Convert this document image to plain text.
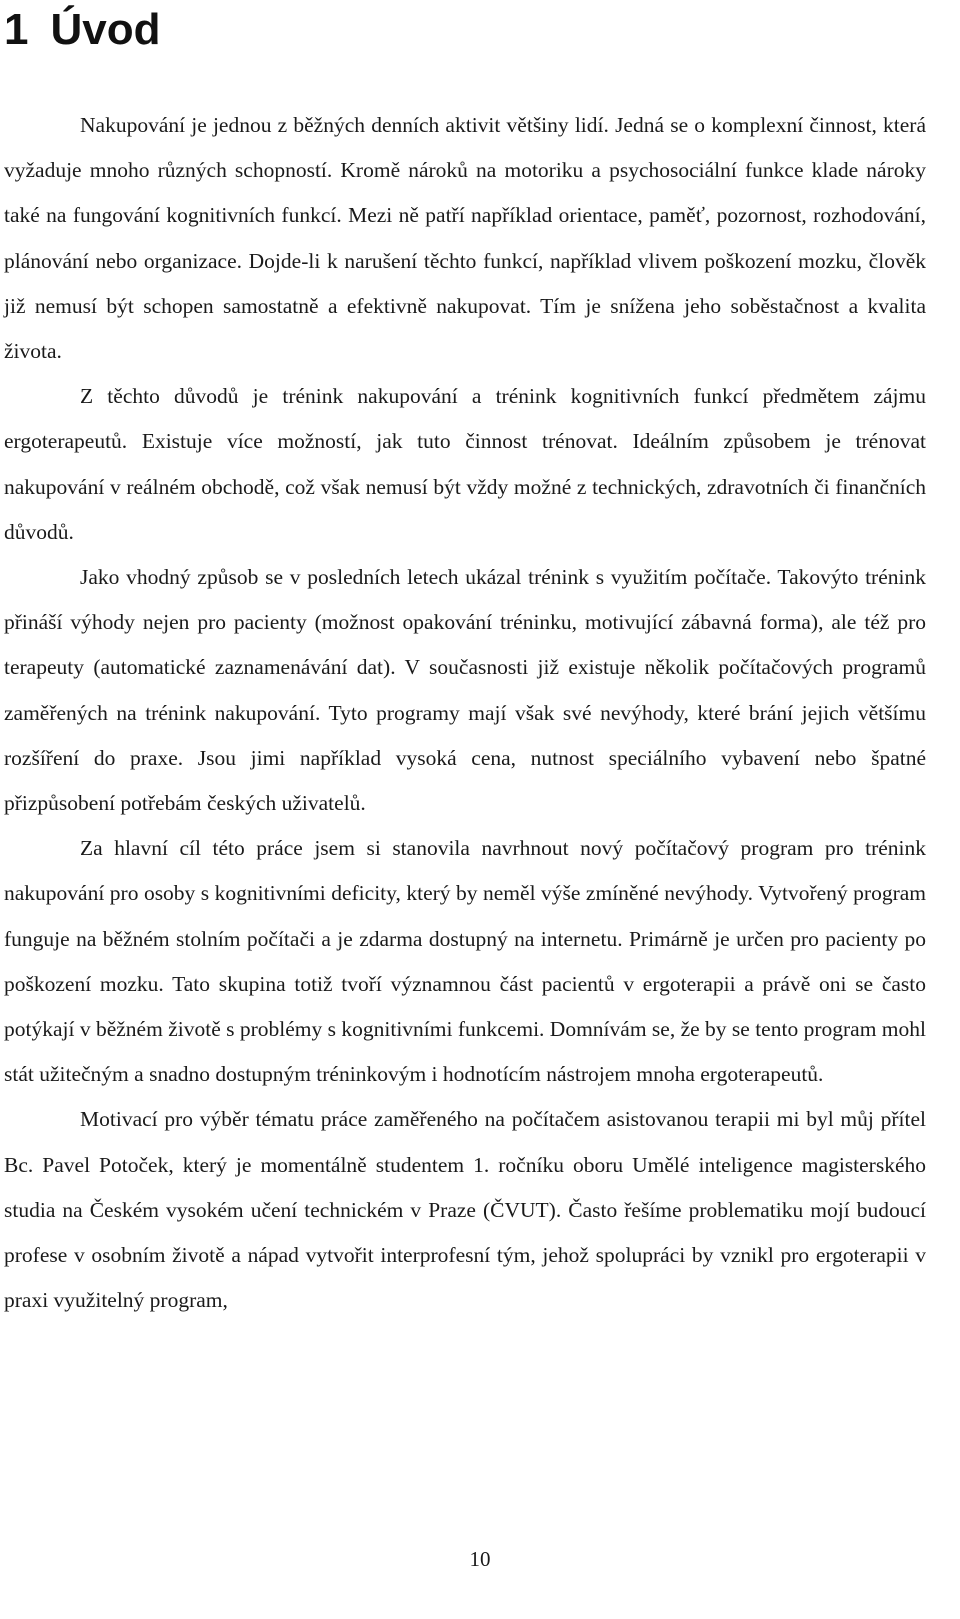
1 Úvod

Nakupování je jednou z běžných denních aktivit většiny lidí. Jedná se o komplexní činnost, která vyžaduje mnoho různých schopností. Kromě nároků na motoriku a psychosociální funkce klade nároky také na fungování kognitivních funkcí. Mezi ně patří například orientace, paměť, pozornost, rozhodování, plánování nebo organizace. Dojde-li k narušení těchto funkcí, například vlivem poškození mozku, člověk již nemusí být schopen samostatně a efektivně nakupovat. Tím je snížena jeho soběstačnost a kvalita života.

Z těchto důvodů je trénink nakupování a trénink kognitivních funkcí předmětem zájmu ergoterapeutů. Existuje více možností, jak tuto činnost trénovat. Ideálním způsobem je trénovat nakupování v reálném obchodě, což však nemusí být vždy možné z technických, zdravotních či finančních důvodů.

Jako vhodný způsob se v posledních letech ukázal trénink s využitím počítače. Takovýto trénink přináší výhody nejen pro pacienty (možnost opakování tréninku, motivující zábavná forma), ale též pro terapeuty (automatické zaznamenávání dat). V současnosti již existuje několik počítačových programů zaměřených na trénink nakupování. Tyto programy mají však své nevýhody, které brání jejich většímu rozšíření do praxe. Jsou jimi například vysoká cena, nutnost speciálního vybavení nebo špatné přizpůsobení potřebám českých uživatelů.

Za hlavní cíl této práce jsem si stanovila navrhnout nový počítačový program pro trénink nakupování pro osoby s kognitivními deficity, který by neměl výše zmíněné nevýhody. Vytvořený program funguje na běžném stolním počítači a je zdarma dostupný na internetu. Primárně je určen pro pacienty po poškození mozku. Tato skupina totiž tvoří významnou část pacientů v ergoterapii a právě oni se často potýkají v běžném životě s problémy s kognitivními funkcemi. Domnívám se, že by se tento program mohl stát užitečným a snadno dostupným tréninkovým i hodnotícím nástrojem mnoha ergoterapeutů.

Motivací pro výběr tématu práce zaměřeného na počítačem asistovanou terapii mi byl můj přítel Bc. Pavel Potoček, který je momentálně studentem 1. ročníku oboru Umělé inteligence magisterského studia na Českém vysokém učení technickém v Praze (ČVUT). Často řešíme problematiku mojí budoucí profese v osobním životě a nápad vytvořit interprofesní tým, jehož spolupráci by vznikl pro ergoterapii v praxi využitelný program,

10
